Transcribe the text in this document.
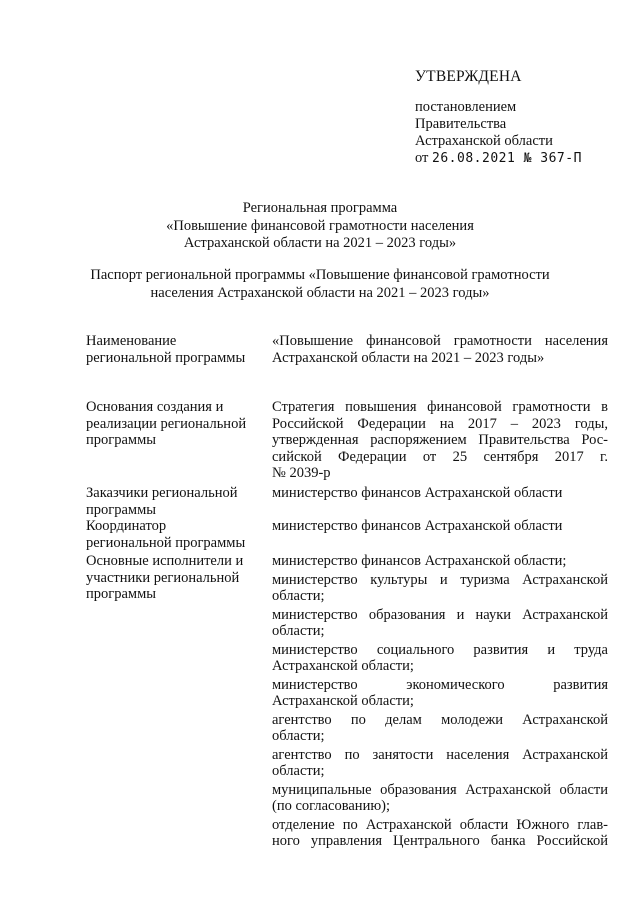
УТВЕРЖДЕНА
постановлением
Правительства
Астраханской области
от 26.08.2021 № 367-П
Региональная программа
«Повышение финансовой грамотности населения
Астраханской области на 2021 – 2023 годы»
Паспорт региональной программы «Повышение финансовой грамотности
населения Астраханской области на 2021 – 2023 годы»
Наименование
региональной программы
«Повышение финансовой грамотности населения
Астраханской области на 2021 – 2023 годы»
Основания создания и
реализации региональной
программы
Стратегия повышения финансовой грамотности в
Российской Федерации на 2017 – 2023 годы,
утвержденная распоряжением Правительства Рос-
сийской Федерации от 25 сентября 2017 г.
№ 2039-р
Заказчики региональной
программы
министерство финансов Астраханской области
Координатор
региональной программы
министерство финансов Астраханской области
Основные исполнители и
участники региональной
программы
министерство финансов Астраханской области;
министерство культуры и туризма Астраханской
области;
министерство образования и науки Астраханской
области;
министерство социального развития и труда
Астраханской области;
министерство экономического развития
Астраханской области;
агентство по делам молодежи Астраханской
области;
агентство по занятости населения Астраханской
области;
муниципальные образования Астраханской области
(по согласованию);
отделение по Астраханской области Южного глав-
ного управления Центрального банка Российской
